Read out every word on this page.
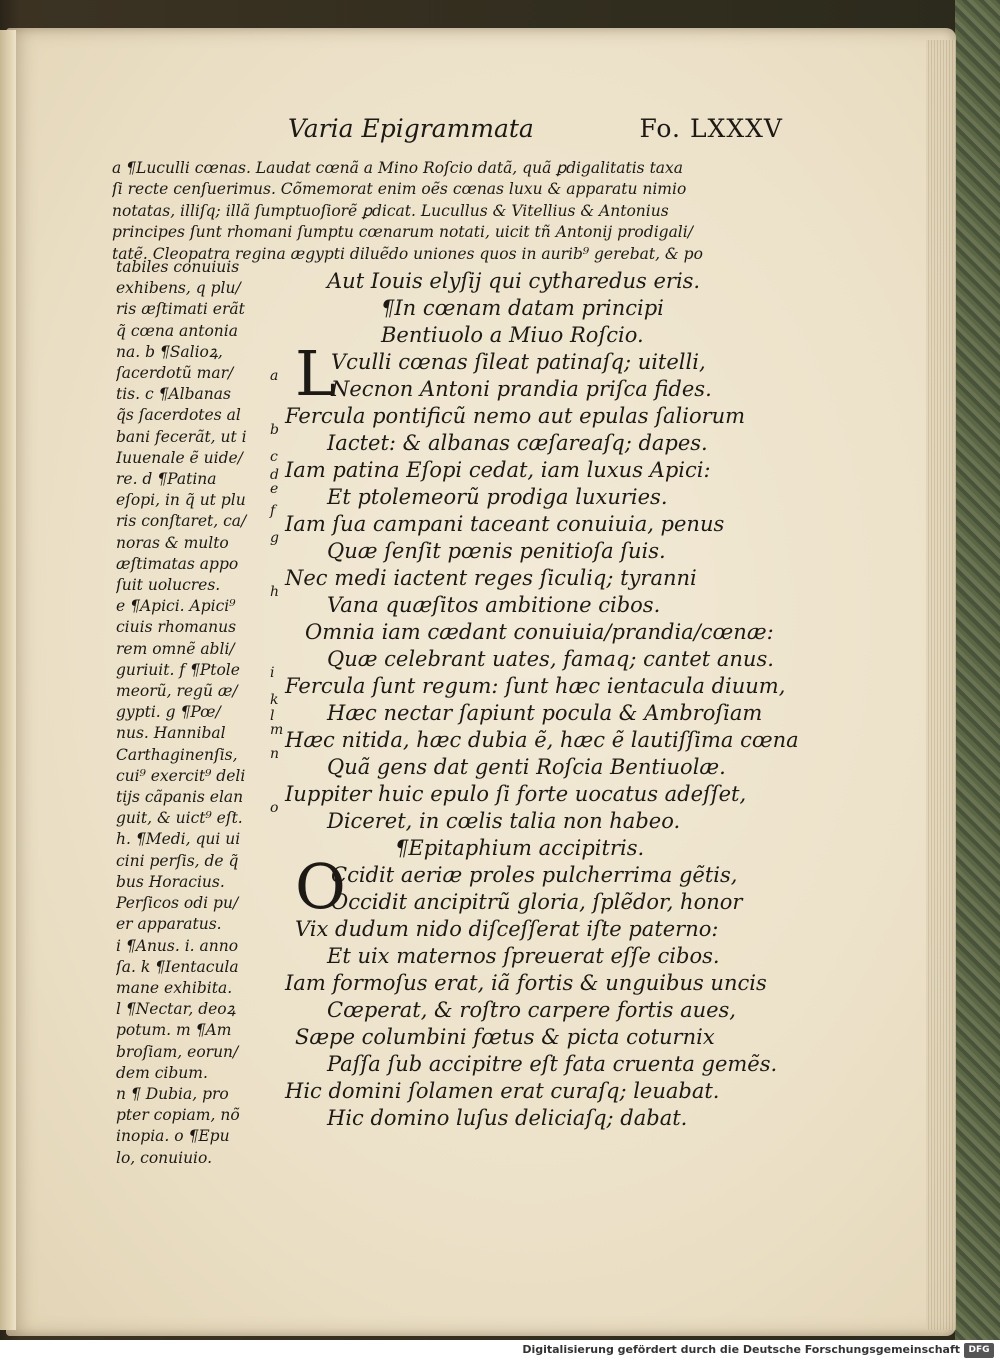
Varia Epigrammata	Fo. LXXXV
a ¶Luculli cœnas. Laudat cœnã a Mino Roſcio datã, quã ꝑdigalitatis taxa
ſi recte cenſuerimus. Cõmemorat enim oẽs cœnas luxu & apparatu nimio
notatas, illiſq; illã ſumptuoſiorẽ ꝑdicat. Lucullus & Vitellius & Antonius
principes ſunt rhomani ſumptu cœnarum notati, uicit tñ Antonij prodigali/
tatẽ. Cleopatra regina ægypti diluẽdo uniones quos in aurib⁹ gerebat, & po
tabiles conuiuis
exhibens, q plu/
ris æſtimati erãt
q̃ cœna antonia
na. b ¶Salioꝝ,
ſacerdotũ mar/
tis. c ¶Albanas
q̃s ſacerdotes al
bani fecerãt, ut i
Iuuenale ẽ uide/
re. d ¶Patina
eſopi, in q̃ ut plu
ris conſtaret, ca/
noras & multo
æſtimatas appo
ſuit uolucres.
e ¶Apici. Apici⁹
ciuis rhomanus
rem omnẽ abli/
guriuit. f ¶Ptole
meorũ, regũ æ/
gypti. g ¶Pœ/
nus. Hannibal
Carthaginenſis,
cui⁹ exercit⁹ deli
tijs cãpanis elan
guit, & uict⁹ eſt.
h. ¶Medi, qui ui
cini perſis, de q̃
bus Horacius.
Perſicos odi pu/
er apparatus.
i ¶Anus. i. anno
ſa. k ¶Ientacula
mane exhibita.
l ¶Nectar, deoꝝ
potum. m ¶Am
broſiam, eorun/
dem cibum.
n ¶ Dubia, pro
pter copiam, nõ
inopia. o ¶Epu
lo, conuiuio.
a
b
c
d
e
f
g
h
i
k
l
m
n
o
Aut Iouis elyſij qui cytharedus eris.
¶In cœnam datam principi
Bentiuolo a Miuo Roſcio.
L
Vculli cœnas ſileat patinaſq; uitelli,
Necnon Antoni prandia priſca fides.
Fercula pontificũ nemo aut epulas ſaliorum
Iactet: & albanas cæſareaſq; dapes.
Iam patina Eſopi cedat, iam luxus Apici:
Et ptolemeorũ prodiga luxuries.
Iam ſua campani taceant conuiuia, penus
Quæ ſenſit pœnis penitioſa ſuis.
Nec medi iactent reges ſiculiq; tyranni
Vana quæſitos ambitione cibos.
Omnia iam cædant conuiuia/prandia/cœnæ:
Quæ celebrant uates, famaq; cantet anus.
Fercula ſunt regum: ſunt hæc ientacula diuum,
Hæc nectar ſapiunt pocula & Ambroſiam
Hæc nitida, hæc dubia ẽ, hæc ẽ lautiſſima cœna
Quã gens dat genti Roſcia Bentiuolæ.
Iuppiter huic epulo ſi forte uocatus adeſſet,
Diceret, in cœlis talia non habeo.
¶Epitaphium accipitris.
O
Ccidit aeriæ proles pulcherrima gẽtis,
Occidit ancipitrũ gloria, ſplẽdor, honor
Vix dudum nido diſceſſerat iſte paterno:
Et uix maternos ſpreuerat eſſe cibos.
Iam formoſus erat, iã fortis & unguibus uncis
Cœperat, & roſtro carpere fortis aues,
Sæpe columbini fœtus & picta coturnix
Paſſa ſub accipitre eſt fata cruenta gemẽs.
Hic domini ſolamen erat curaſq; leuabat.
Hic domino luſus deliciaſq; dabat.
Digitalisierung gefördert durch die Deutsche Forschungsgemeinschaft DFG
